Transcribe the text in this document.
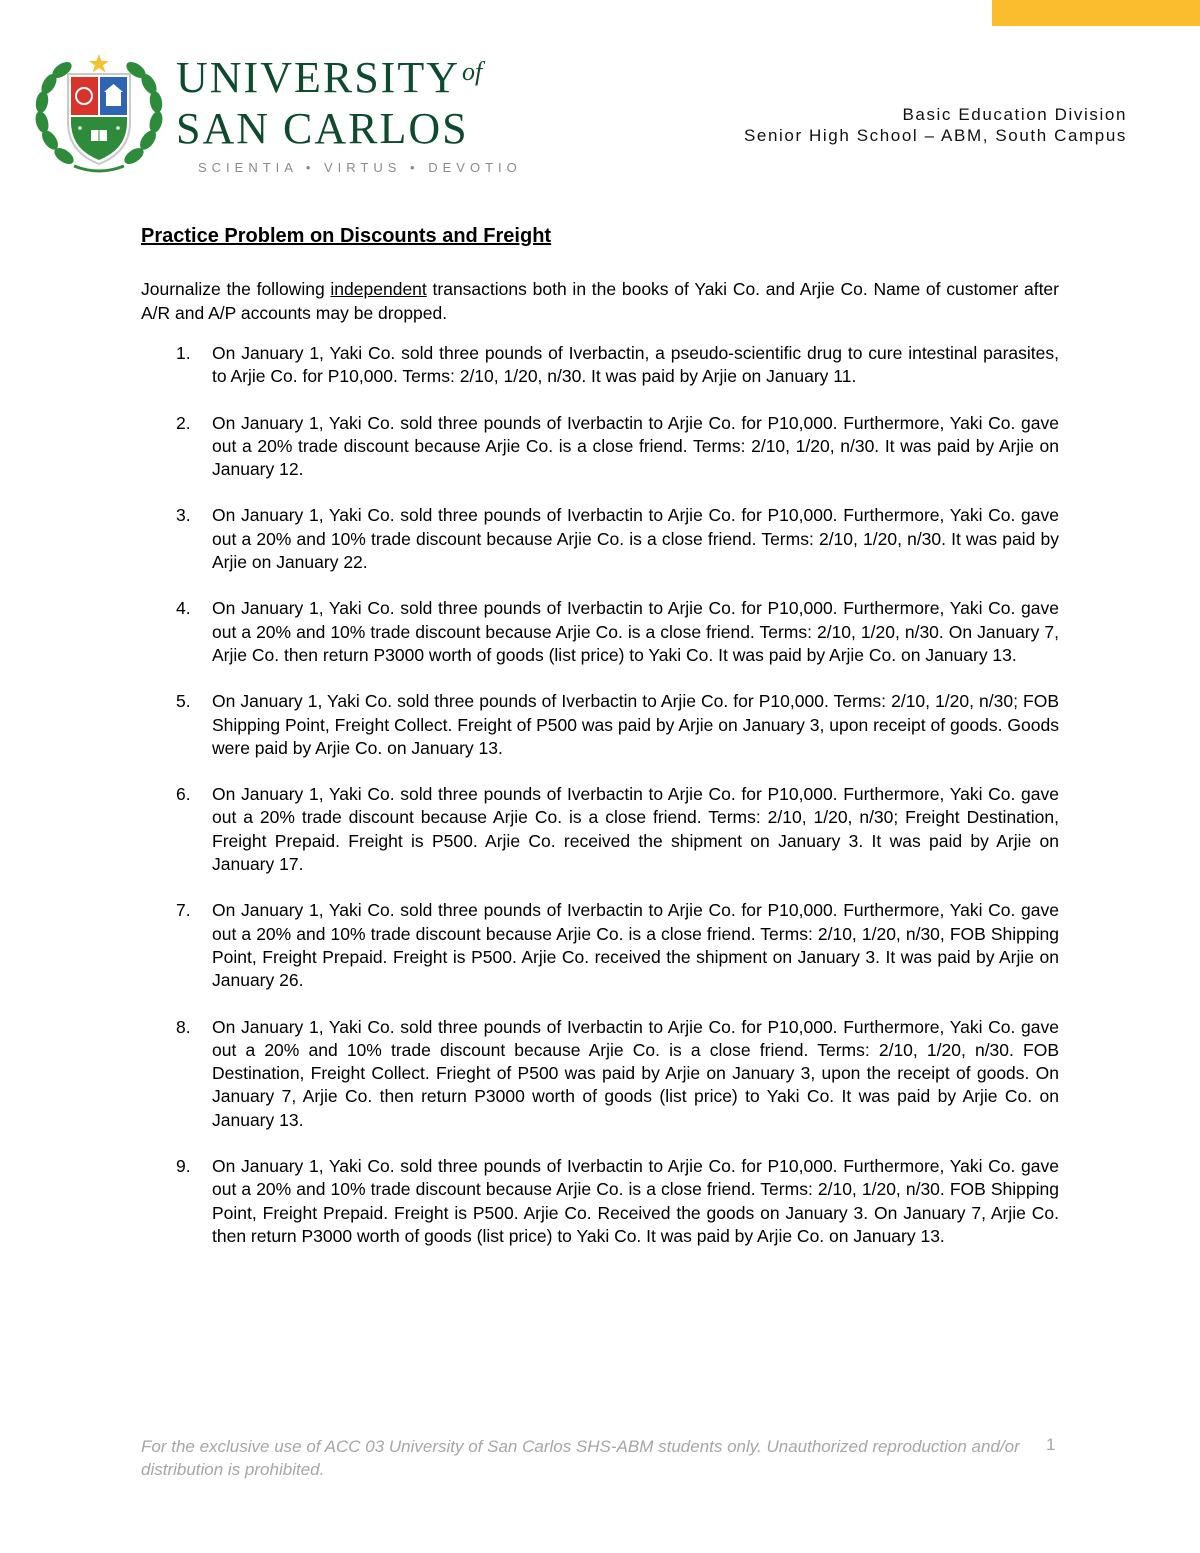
$UNIVERSITY^{of}$
SAN CARLOS
SCIENTIA • VIRTUS • DEVOTIO
Basic Education Division
Senior High School – ABM, South Campus
Practice Problem on Discounts and Freight
Journalize the following independent transactions both in the books of Yaki Co. and Arjie Co. Name of customer after A/R and A/P accounts may be dropped.
1. On January 1, Yaki Co. sold three pounds of Iverbactin, a pseudo-scientific drug to cure intestinal parasites, to Arjie Co. for P10,000. Terms: 2/10, 1/20, n/30. It was paid by Arjie on January 11.
2. On January 1, Yaki Co. sold three pounds of Iverbactin to Arjie Co. for P10,000. Furthermore, Yaki Co. gave out a 20% trade discount because Arjie Co. is a close friend. Terms: 2/10, 1/20, n/30. It was paid by Arjie on January 12.
3. On January 1, Yaki Co. sold three pounds of Iverbactin to Arjie Co. for P10,000. Furthermore, Yaki Co. gave out a 20% and 10% trade discount because Arjie Co. is a close friend. Terms: 2/10, 1/20, n/30. It was paid by Arjie on January 22.
4. On January 1, Yaki Co. sold three pounds of Iverbactin to Arjie Co. for P10,000. Furthermore, Yaki Co. gave out a 20% and 10% trade discount because Arjie Co. is a close friend. Terms: 2/10, 1/20, n/30. On January 7, Arjie Co. then return P3000 worth of goods (list price) to Yaki Co. It was paid by Arjie Co. on January 13.
5. On January 1, Yaki Co. sold three pounds of Iverbactin to Arjie Co. for P10,000. Terms: 2/10, 1/20, n/30; FOB Shipping Point, Freight Collect. Freight of P500 was paid by Arjie on January 3, upon receipt of goods. Goods were paid by Arjie Co. on January 13.
6. On January 1, Yaki Co. sold three pounds of Iverbactin to Arjie Co. for P10,000. Furthermore, Yaki Co. gave out a 20% trade discount because Arjie Co. is a close friend. Terms: 2/10, 1/20, n/30; Freight Destination, Freight Prepaid. Freight is P500. Arjie Co. received the shipment on January 3. It was paid by Arjie on January 17.
7. On January 1, Yaki Co. sold three pounds of Iverbactin to Arjie Co. for P10,000. Furthermore, Yaki Co. gave out a 20% and 10% trade discount because Arjie Co. is a close friend. Terms: 2/10, 1/20, n/30, FOB Shipping Point, Freight Prepaid. Freight is P500. Arjie Co. received the shipment on January 3. It was paid by Arjie on January 26.
8. On January 1, Yaki Co. sold three pounds of Iverbactin to Arjie Co. for P10,000. Furthermore, Yaki Co. gave out a 20% and 10% trade discount because Arjie Co. is a close friend. Terms: 2/10, 1/20, n/30. FOB Destination, Freight Collect. Frieght of P500 was paid by Arjie on January 3, upon the receipt of goods. On January 7, Arjie Co. then return P3000 worth of goods (list price) to Yaki Co. It was paid by Arjie Co. on January 13.
9. On January 1, Yaki Co. sold three pounds of Iverbactin to Arjie Co. for P10,000. Furthermore, Yaki Co. gave out a 20% and 10% trade discount because Arjie Co. is a close friend. Terms: 2/10, 1/20, n/30. FOB Shipping Point, Freight Prepaid. Freight is P500. Arjie Co. Received the goods on January 3. On January 7, Arjie Co. then return P3000 worth of goods (list price) to Yaki Co. It was paid by Arjie Co. on January 13.
For the exclusive use of ACC 03 University of San Carlos SHS-ABM students only. Unauthorized reproduction and/or distribution is prohibited.
1
